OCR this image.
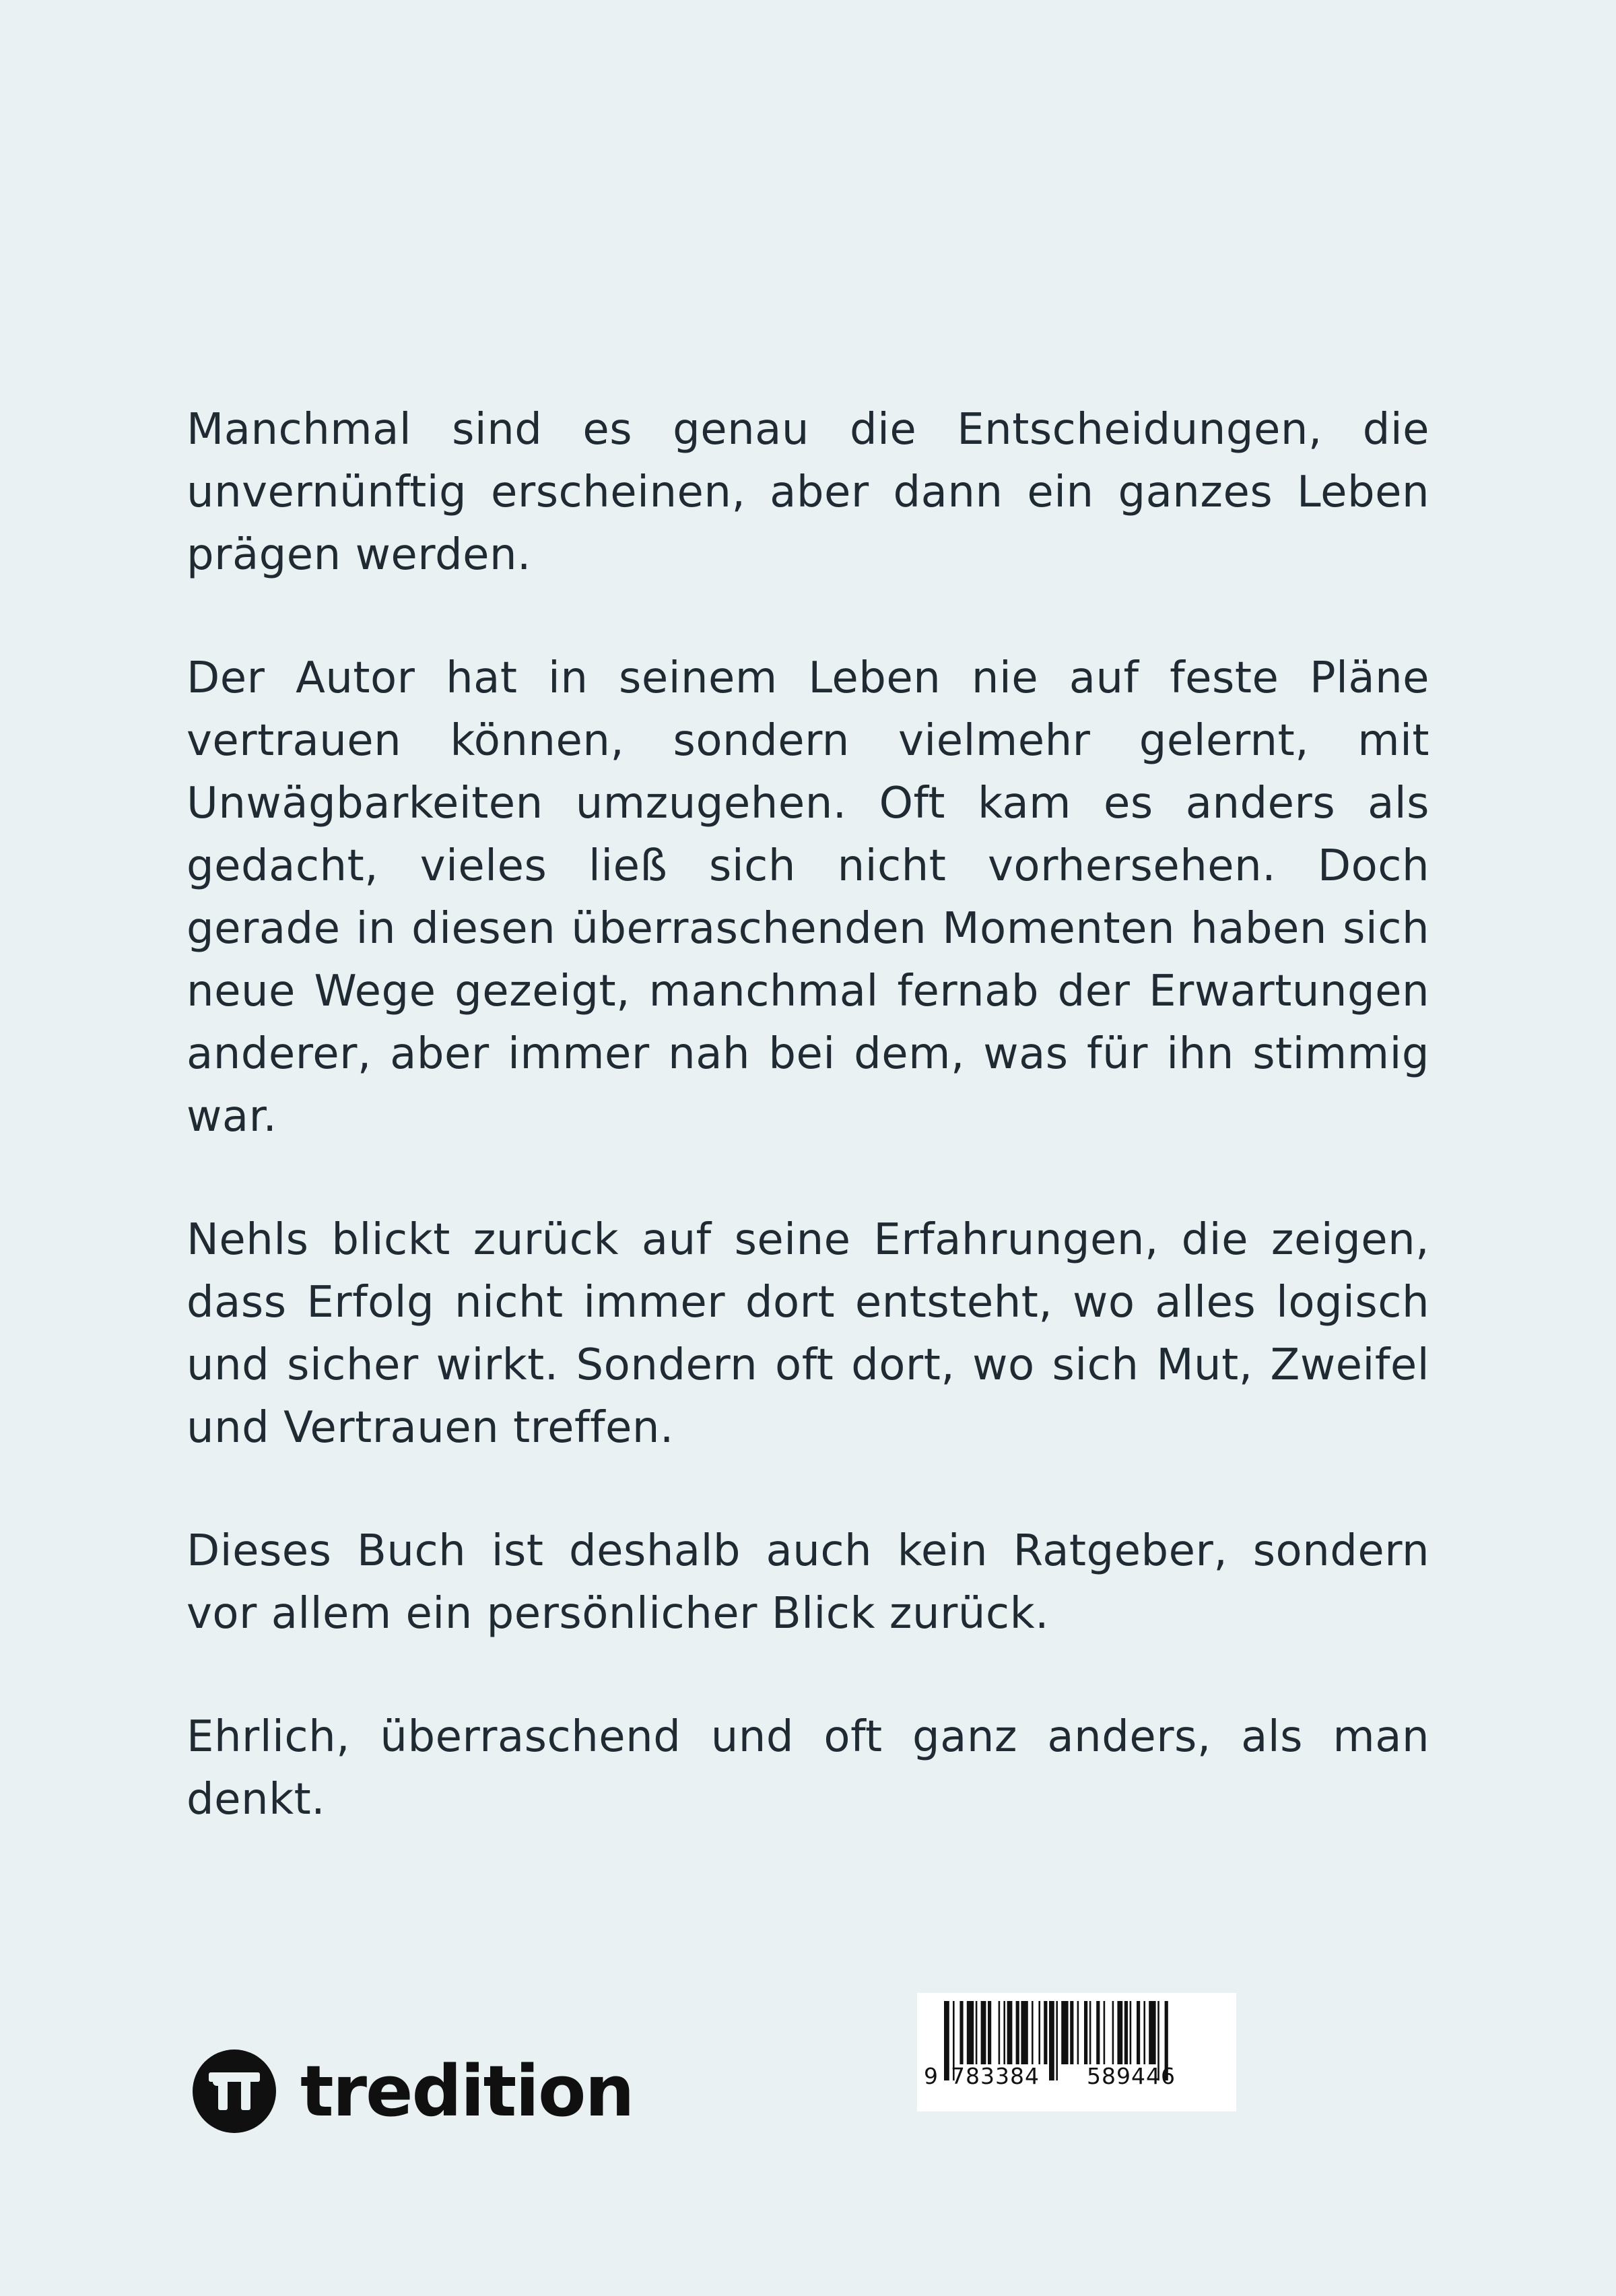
Manchmal sind es genau die Entscheidungen, die unvernünftig erscheinen, aber dann ein ganzes Leben prägen werden.

Der Autor hat in seinem Leben nie auf feste Pläne vertrauen können, sondern vielmehr gelernt, mit Unwägbarkeiten umzugehen. Oft kam es anders als gedacht, vieles ließ sich nicht vorhersehen. Doch gerade in diesen überraschenden Momenten haben sich neue Wege gezeigt, manchmal fernab der Erwartungen anderer, aber immer nah bei dem, was für ihn stimmig war.

Nehls blickt zurück auf seine Erfahrungen, die zeigen, dass Erfolg nicht immer dort entsteht, wo alles logisch und sicher wirkt. Sondern oft dort, wo sich Mut, Zweifel und Vertrauen treffen.

Dieses Buch ist deshalb auch kein Ratgeber, sondern vor allem ein persönlicher Blick zurück.

Ehrlich, überraschend und oft ganz anders, als man denkt.

tredition	9 783384 589446
